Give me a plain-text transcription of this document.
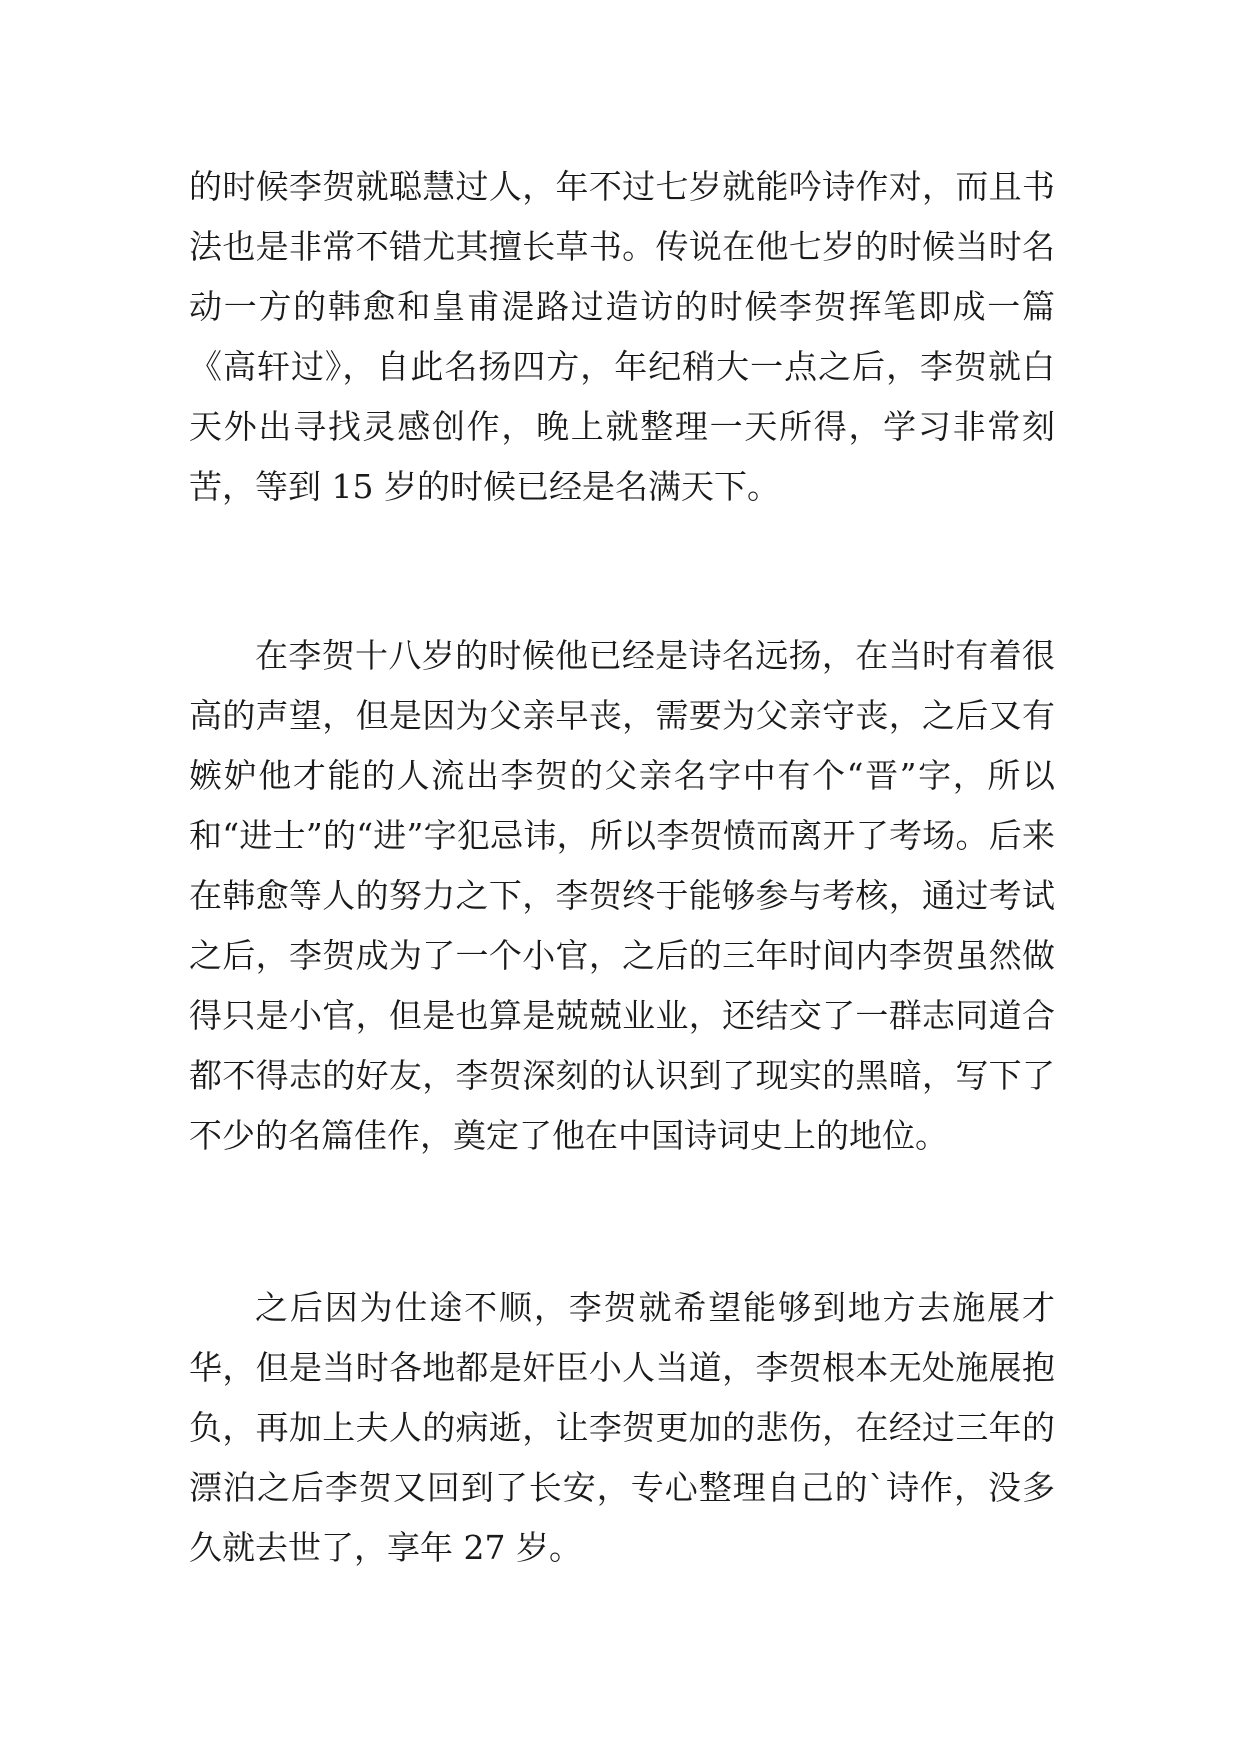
的时候李贺就聪慧过人，年不过七岁就能吟诗作对，而且书法也是非常不错尤其擅长草书。传说在他七岁的时候当时名动一方的韩愈和皇甫湜路过造访的时候李贺挥笔即成一篇《高轩过》，自此名扬四方，年纪稍大一点之后，李贺就白天外出寻找灵感创作，晚上就整理一天所得，学习非常刻苦，等到 15 岁的时候已经是名满天下。

在李贺十八岁的时候他已经是诗名远扬，在当时有着很高的声望，但是因为父亲早丧，需要为父亲守丧，之后又有嫉妒他才能的人流出李贺的父亲名字中有个“晋”字，所以和“进士”的“进”字犯忌讳，所以李贺愤而离开了考场。后来在韩愈等人的努力之下，李贺终于能够参与考核，通过考试之后，李贺成为了一个小官，之后的三年时间内李贺虽然做得只是小官，但是也算是兢兢业业，还结交了一群志同道合都不得志的好友，李贺深刻的认识到了现实的黑暗，写下了不少的名篇佳作，奠定了他在中国诗词史上的地位。

之后因为仕途不顺，李贺就希望能够到地方去施展才华，但是当时各地都是奸臣小人当道，李贺根本无处施展抱负，再加上夫人的病逝，让李贺更加的悲伤，在经过三年的漂泊之后李贺又回到了长安，专心整理自己的`诗作，没多久就去世了，享年 27 岁。
